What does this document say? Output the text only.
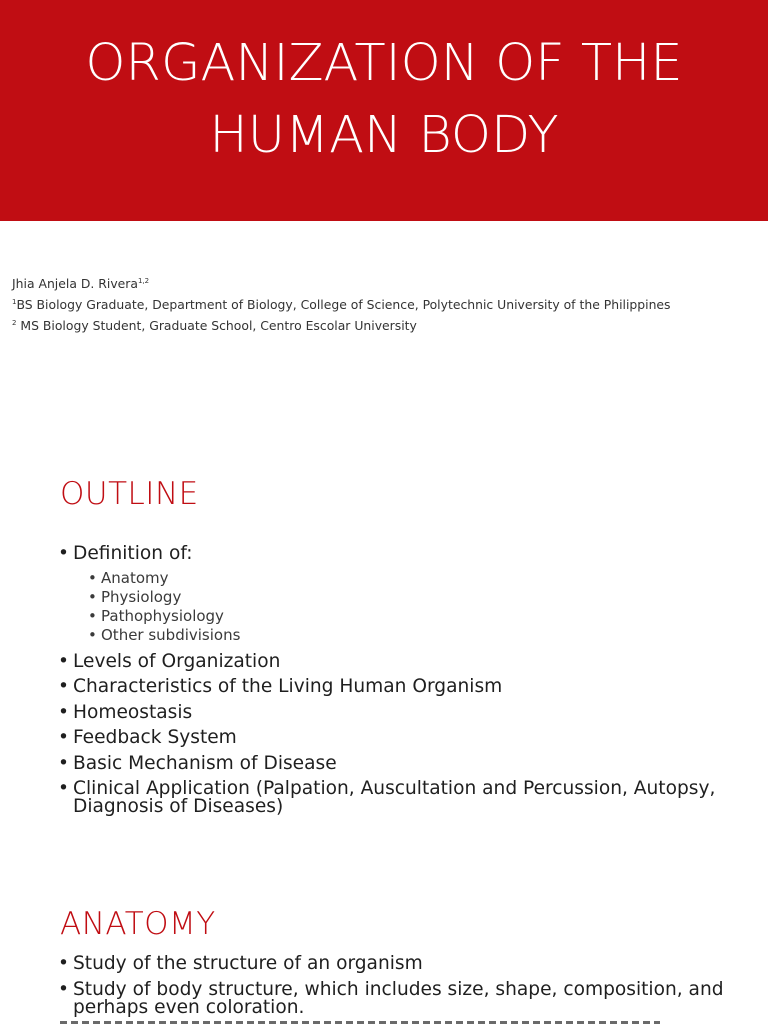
ORGANIZATION OF THE
HUMAN BODY
Jhia Anjela D. Rivera$^{1,2}$
$^1$BS Biology Graduate, Department of Biology, College of Science, Polytechnic University of the Philippines
$^2$ MS Biology Student, Graduate School, Centro Escolar University
OUTLINE
• Definition of:
• Anatomy
• Physiology
• Pathophysiology
• Other subdivisions
• Levels of Organization
• Characteristics of the Living Human Organism
• Homeostasis
• Feedback System
• Basic Mechanism of Disease
• Clinical Application (Palpation, Auscultation and Percussion, Autopsy, Diagnosis of Diseases)
ANATOMY
• Study of the structure of an organism
• Study of body structure, which includes size, shape, composition, and perhaps even coloration.
